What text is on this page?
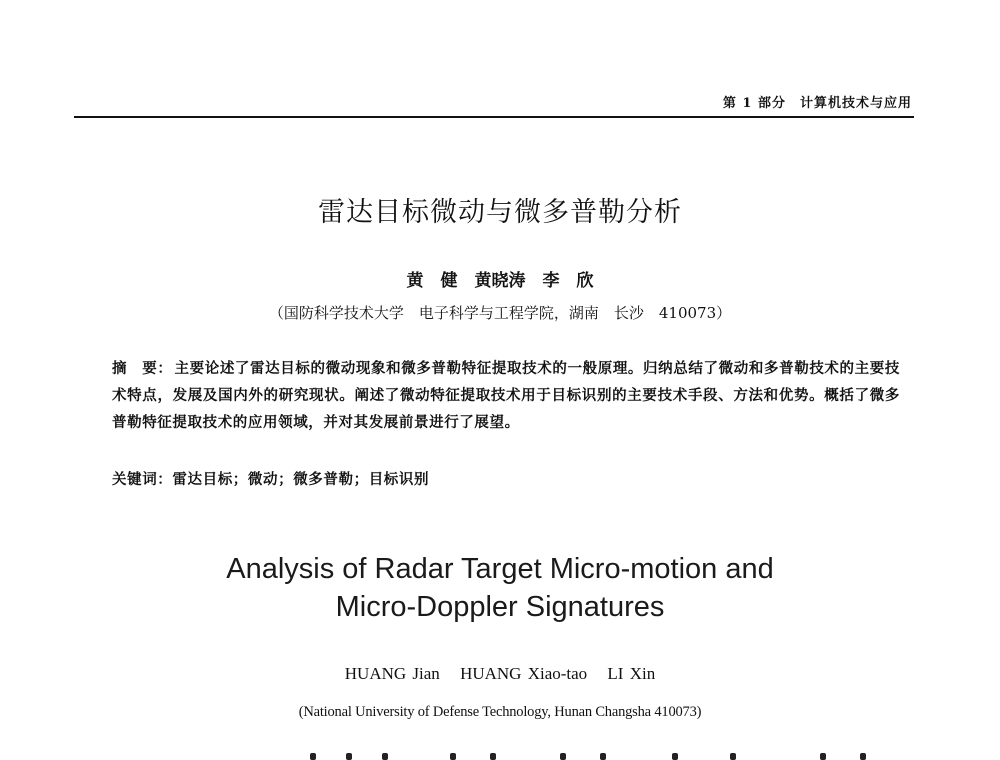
第 1 部分　计算机技术与应用
雷达目标微动与微多普勒分析
黄　健　黄晓涛　李　欣
（国防科学技术大学　电子科学与工程学院，湖南　长沙　410073）
摘　要： 主要论述了雷达目标的微动现象和微多普勒特征提取技术的一般原理。归纳总结了微动和多普勒技术的主要技术特点，发展及国内外的研究现状。阐述了微动特征提取技术用于目标识别的主要技术手段、方法和优势。概括了微多普勒特征提取技术的应用领域，并对其发展前景进行了展望。
关键词：雷达目标；微动；微多普勒；目标识别
Analysis of Radar Target Micro-motion and
Micro-Doppler Signatures
HUANG Jian HUANG Xiao-tao LI Xin
(National University of Defense Technology, Hunan Changsha 410073)
